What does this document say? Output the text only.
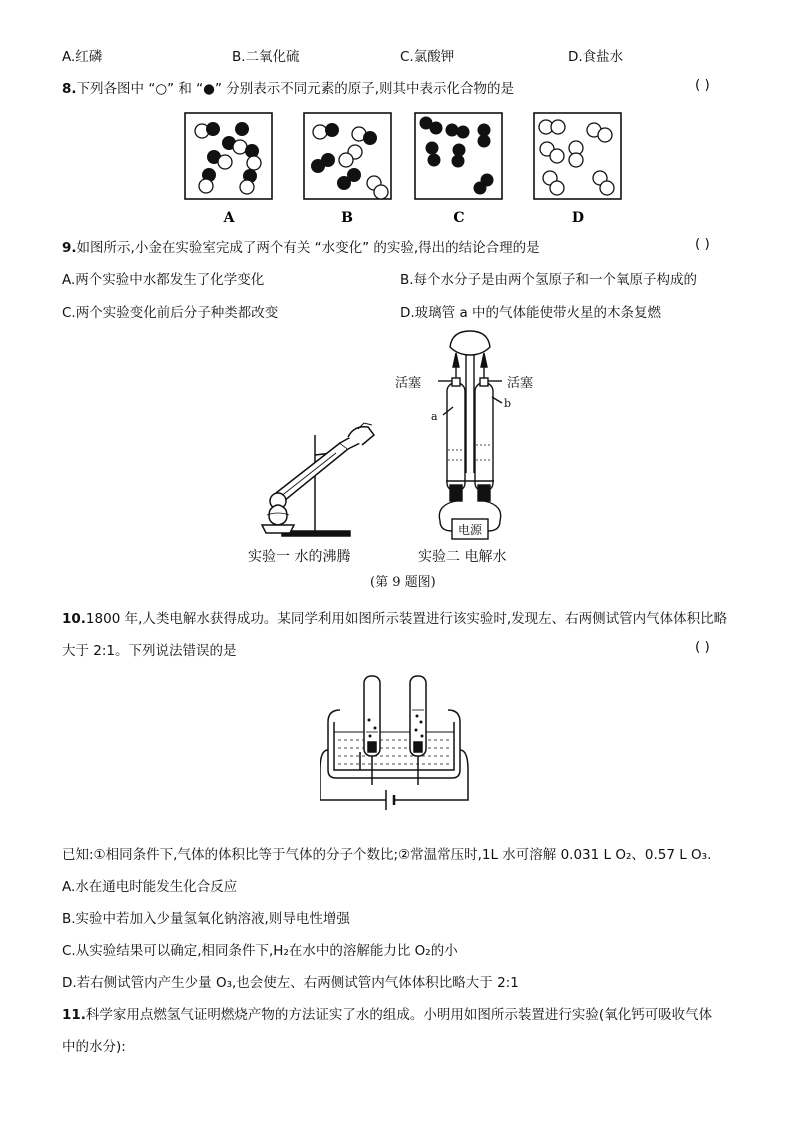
A.红磷	B.二氧化硫	C.氯酸钾	D.食盐水
8.下列各图中 “○” 和 “●” 分别表示不同元素的原子,则其中表示化合物的是	( )
A	B	C	D
9.如图所示,小金在实验室完成了两个有关 “水变化” 的实验,得出的结论合理的是	( )
A.两个实验中水都发生了化学变化	B.每个水分子是由两个氢原子和一个氧原子构成的
C.两个实验变化前后分子种类都改变	D.玻璃管 a 中的气体能使带火星的木条复燃
活塞	活塞
a
b
电源
实验一 水的沸腾	实验二 电解水
(第 9 题图)
10.1800 年,人类电解水获得成功。某同学利用如图所示装置进行该实验时,发现左、右两侧试管内气体体积比略
大于 2:1。下列说法错误的是	( )
已知:①相同条件下,气体的体积比等于气体的分子个数比;②常温常压时,1L 水可溶解 0.031 L O₂、0.57 L O₃.
A.水在通电时能发生化合反应
B.实验中若加入少量氢氧化钠溶液,则导电性增强
C.从实验结果可以确定,相同条件下,H₂在水中的溶解能力比 O₂的小
D.若右侧试管内产生少量 O₃,也会使左、右两侧试管内气体体积比略大于 2:1
11.科学家用点燃氢气证明燃烧产物的方法证实了水的组成。小明用如图所示装置进行实验(氧化钙可吸收气体
中的水分):
